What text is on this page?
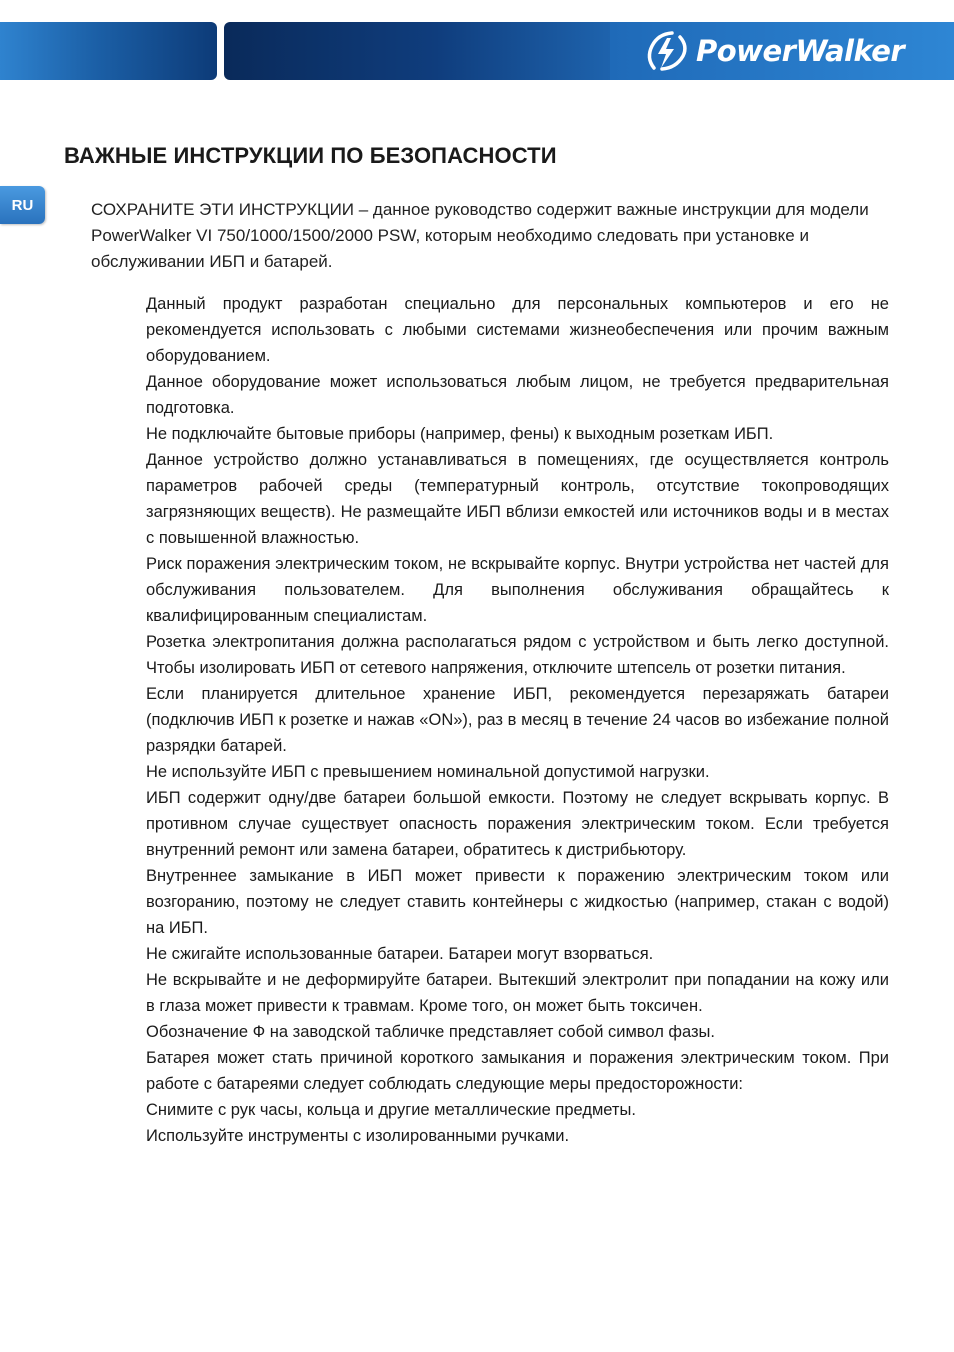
PowerWalker
ВАЖНЫЕ ИНСТРУКЦИИ ПО БЕЗОПАСНОСТИ
RU	СОХРАНИТЕ ЭТИ ИНСТРУКЦИИ – данное руководство содержит важные инструкции для модели PowerWalker VI 750/1000/1500/2000 PSW, которым необходимо следовать при установке и обслуживании ИБП и батарей.

Данный продукт разработан специально для персональных компьютеров и его не рекомендуется использовать с любыми системами жизнеобеспечения или прочим важным оборудованием.
Данное оборудование может использоваться любым лицом, не требуется предварительная подготовка.
Не подключайте бытовые приборы (например, фены) к выходным розеткам ИБП.
Данное устройство должно устанавливаться в помещениях, где осуществляется контроль параметров рабочей среды (температурный контроль, отсутствие токопроводящих загрязняющих веществ). Не размещайте ИБП вблизи емкостей или источников воды и в местах с повышенной влажностью.
Риск поражения электрическим током, не вскрывайте корпус. Внутри устройства нет частей для обслуживания пользователем. Для выполнения обслуживания обращайтесь к квалифицированным специалистам.
Розетка электропитания должна располагаться рядом с устройством и быть легко доступной. Чтобы изолировать ИБП от сетевого напряжения, отключите штепсель от розетки питания.
Если планируется длительное хранение ИБП, рекомендуется перезаряжать батареи (подключив ИБП к розетке и нажав «ON»), раз в месяц в течение 24 часов во избежание полной разрядки батарей.
Не используйте ИБП с превышением номинальной допустимой нагрузки.
ИБП содержит одну/две батареи большой емкости. Поэтому не следует вскрывать корпус. В противном случае существует опасность поражения электрическим током. Если требуется внутренний ремонт или замена батареи, обратитесь к дистрибьютору.
Внутреннее замыкание в ИБП может привести к поражению электрическим током или возгоранию, поэтому не следует ставить контейнеры с жидкостью (например, стакан с водой) на ИБП.
Не сжигайте использованные батареи. Батареи могут взорваться.
Не вскрывайте и не деформируйте батареи. Вытекший электролит при попадании на кожу или в глаза может привести к травмам. Кроме того, он может быть токсичен.
Обозначение Ф на заводской табличке представляет собой символ фазы.
Батарея может стать причиной короткого замыкания и поражения электрическим током. При работе с батареями следует соблюдать следующие меры предосторожности:
Снимите с рук часы, кольца и другие металлические предметы.
Используйте инструменты с изолированными ручками.
